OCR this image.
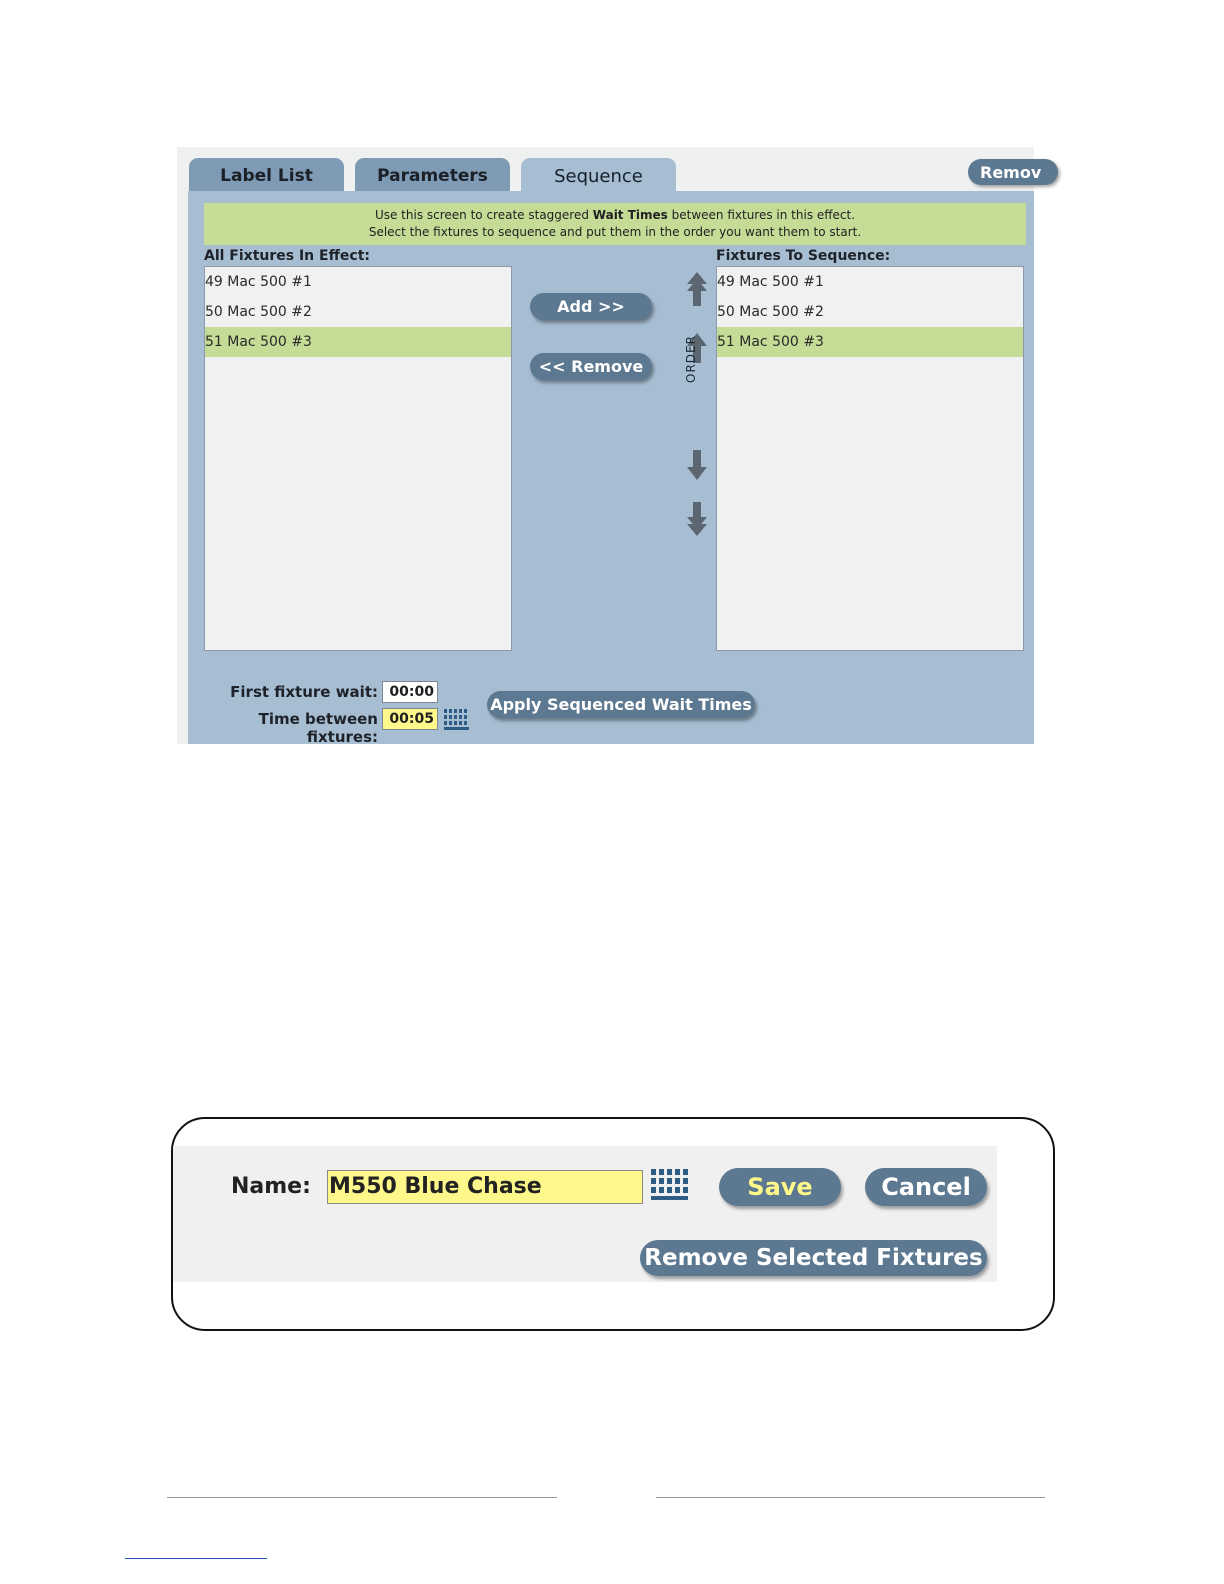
Label List	Parameters	Sequence	Remov
Use this screen to create staggered Wait Times between fixtures in this effect.
Select the fixtures to sequence and put them in the order you want them to start.
All Fixtures In Effect:
49 Mac 500 #1
50 Mac 500 #2
51 Mac 500 #3
Add >>
<< Remove	ORDER
Fixtures To Sequence:
49 Mac 500 #1
50 Mac 500 #2
51 Mac 500 #3
First fixture wait: 00:00
Time between fixtures:
00:05
Apply Sequenced Wait Times
Name: M550 Blue Chase	Save	Cancel
Remove Selected Fixtures
